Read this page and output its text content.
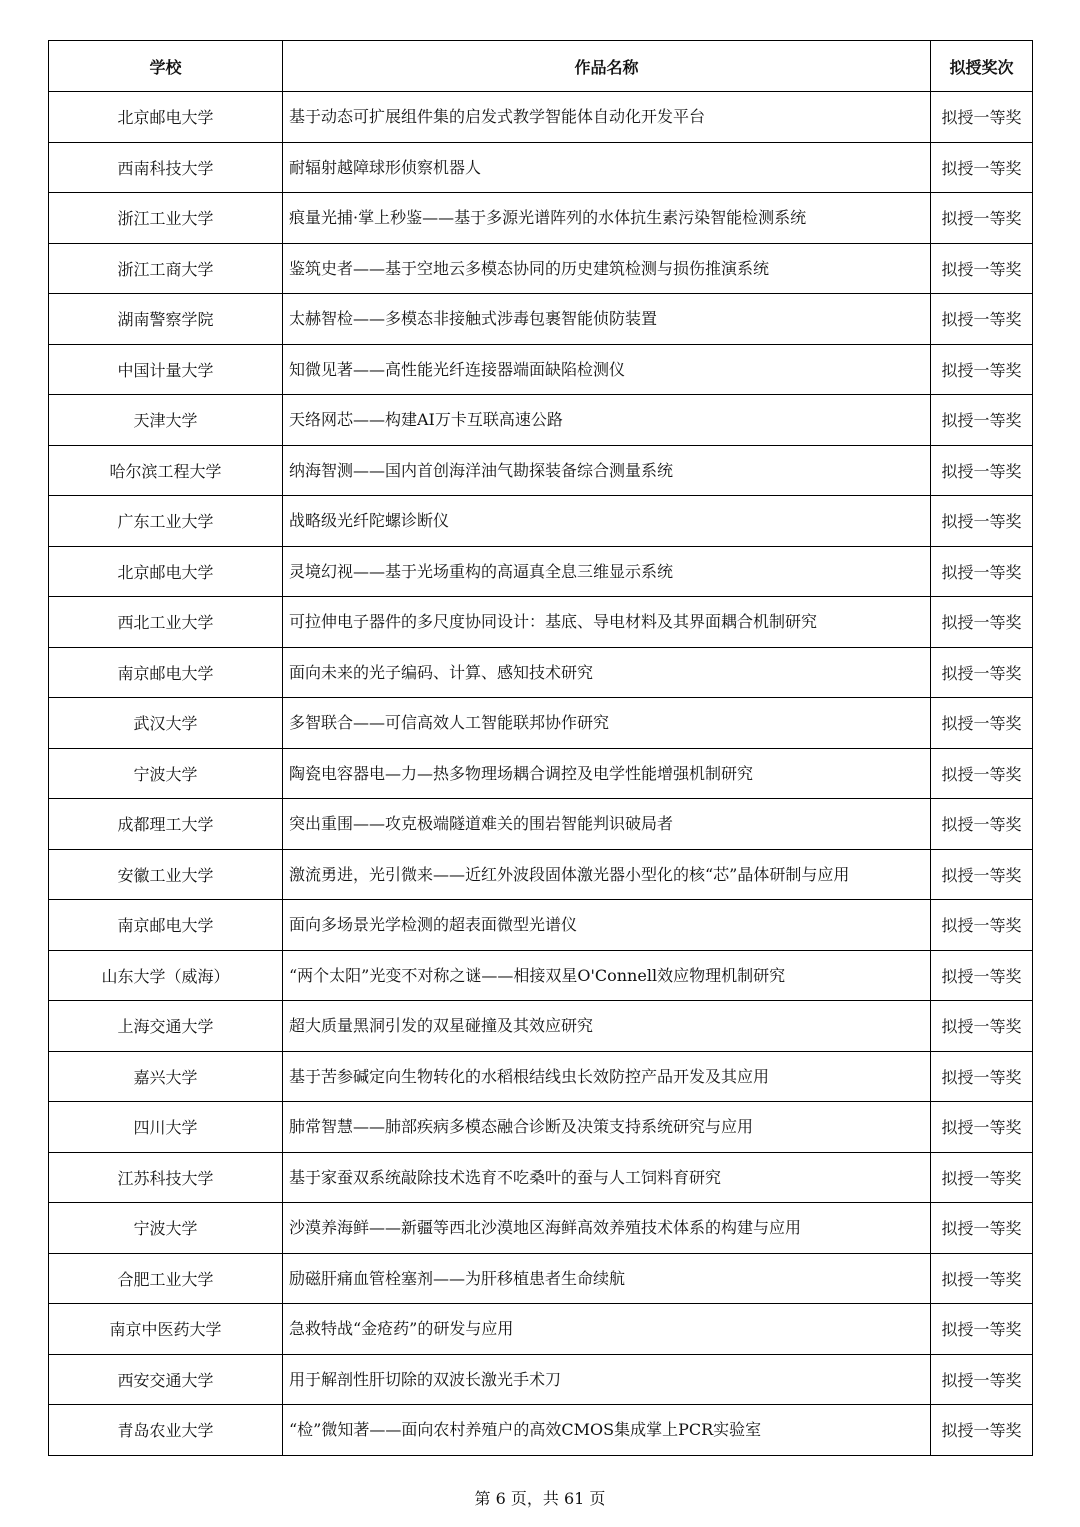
学校	作品名称	拟授奖次
北京邮电大学	基于动态可扩展组件集的启发式教学智能体自动化开发平台	拟授一等奖
西南科技大学	耐辐射越障球形侦察机器人	拟授一等奖
浙江工业大学	痕量光捕·掌上秒鉴——基于多源光谱阵列的水体抗生素污染智能检测系统	拟授一等奖
浙江工商大学	鉴筑史者——基于空地云多模态协同的历史建筑检测与损伤推演系统	拟授一等奖
湖南警察学院	太赫智检——多模态非接触式涉毒包裹智能侦防装置	拟授一等奖
中国计量大学	知微见著——高性能光纤连接器端面缺陷检测仪	拟授一等奖
天津大学	天络网芯——构建AI万卡互联高速公路	拟授一等奖
哈尔滨工程大学	纳海智测——国内首创海洋油气勘探装备综合测量系统	拟授一等奖
广东工业大学	战略级光纤陀螺诊断仪	拟授一等奖
北京邮电大学	灵境幻视——基于光场重构的高逼真全息三维显示系统	拟授一等奖
西北工业大学	可拉伸电子器件的多尺度协同设计：基底、导电材料及其界面耦合机制研究	拟授一等奖
南京邮电大学	面向未来的光子编码、计算、感知技术研究	拟授一等奖
武汉大学	多智联合——可信高效人工智能联邦协作研究	拟授一等奖
宁波大学	陶瓷电容器电—力—热多物理场耦合调控及电学性能增强机制研究	拟授一等奖
成都理工大学	突出重围——攻克极端隧道难关的围岩智能判识破局者	拟授一等奖
安徽工业大学	激流勇进，光引微来——近红外波段固体激光器小型化的核“芯”晶体研制与应用	拟授一等奖
南京邮电大学	面向多场景光学检测的超表面微型光谱仪	拟授一等奖
山东大学（威海）	“两个太阳”光变不对称之谜——相接双星O'Connell效应物理机制研究	拟授一等奖
上海交通大学	超大质量黑洞引发的双星碰撞及其效应研究	拟授一等奖
嘉兴大学	基于苦参碱定向生物转化的水稻根结线虫长效防控产品开发及其应用	拟授一等奖
四川大学	肺常智慧——肺部疾病多模态融合诊断及决策支持系统研究与应用	拟授一等奖
江苏科技大学	基于家蚕双系统敲除技术选育不吃桑叶的蚕与人工饲料育研究	拟授一等奖
宁波大学	沙漠养海鲜——新疆等西北沙漠地区海鲜高效养殖技术体系的构建与应用	拟授一等奖
合肥工业大学	励磁肝痛血管栓塞剂——为肝移植患者生命续航	拟授一等奖
南京中医药大学	急救特战“金疮药”的研发与应用	拟授一等奖
西安交通大学	用于解剖性肝切除的双波长激光手术刀	拟授一等奖
青岛农业大学	“检”微知著——面向农村养殖户的高效CMOS集成掌上PCR实验室	拟授一等奖
第 6 页，共 61 页
